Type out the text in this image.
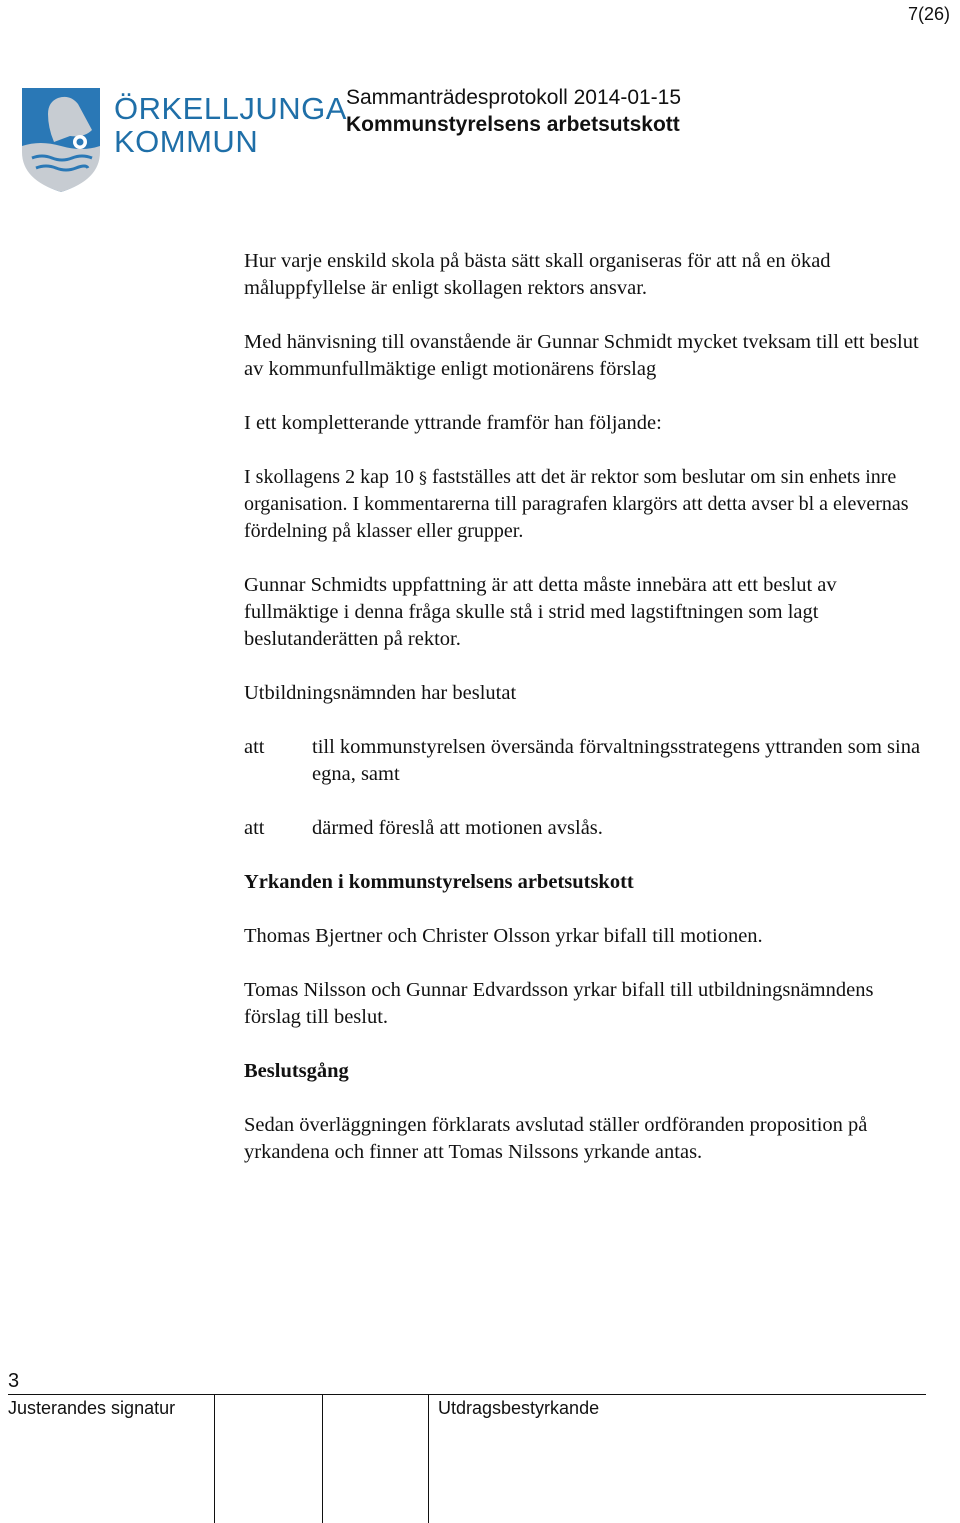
7(26)
ÖRKELLJUNGA
KOMMUN
Sammanträdesprotokoll 2014-01-15
Kommunstyrelsens arbetsutskott

Hur varje enskild skola på bästa sätt skall organiseras för att nå en ökad måluppfyllelse är enligt skollagen rektors ansvar.

Med hänvisning till ovanstående är Gunnar Schmidt mycket tveksam till ett beslut av kommunfullmäktige enligt motionärens förslag

I ett kompletterande yttrande framför han följande:

I skollagens 2 kap 10 § fastställes att det är rektor som beslutar om sin enhets inre organisation. I kommentarerna till paragrafen klargörs att detta avser bl a elevernas fördelning på klasser eller grupper.

Gunnar Schmidts uppfattning är att detta måste innebära att ett beslut av fullmäktige i denna fråga skulle stå i strid med lagstiftningen som lagt beslutanderätten på rektor.

Utbildningsnämnden har beslutat

att	till kommunstyrelsen översända förvaltningsstrategens yttranden som sina egna, samt
att	därmed föreslå att motionen avslås.

Yrkanden i kommunstyrelsens arbetsutskott

Thomas Bjertner och Christer Olsson yrkar bifall till motionen.

Tomas Nilsson och Gunnar Edvardsson yrkar bifall till utbildningsnämndens förslag till beslut.

Beslutsgång

Sedan överläggningen förklarats avslutad ställer ordföranden proposition på yrkandena och finner att Tomas Nilssons yrkande antas.

3
Justerandes signatur	Utdragsbestyrkande
